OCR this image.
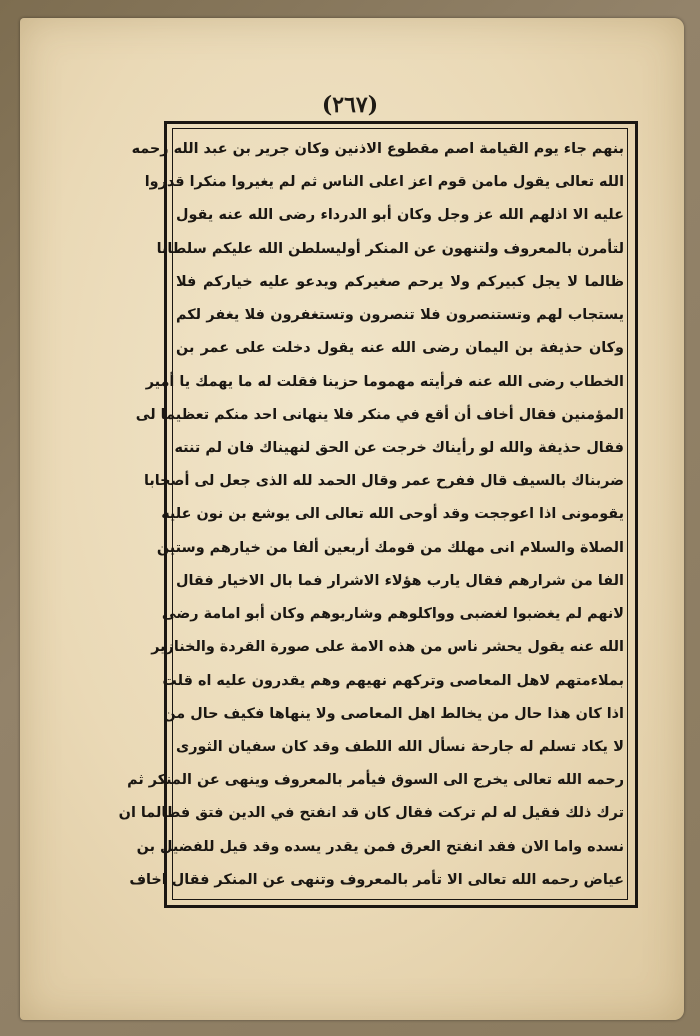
(٢٦٧)
بنهم جاء يوم القيامة اصم مقطوع الاذنين وكان جرير بن عبد الله رحمه
الله تعالى يقول مامن قوم اعز اعلى الناس ثم لم يغيروا منكرا قدروا
عليه الا اذلهم الله عز وجل وكان أبو الدرداء رضى الله عنه يقول
لتأمرن بالمعروف ولتنهون عن المنكر أوليسلطن الله عليكم سلطانا
ظالما لا يجل كبيركم ولا يرحم صغيركم ويدعو عليه خياركم فلا
يستجاب لهم وتستنصرون فلا تنصرون وتستغفرون فلا يغفر لكم
وكان حذيفة بن اليمان رضى الله عنه يقول دخلت على عمر بن
الخطاب رضى الله عنه فرأيته مهموما حزينا فقلت له ما يهمك يا أمير
المؤمنين فقال أخاف أن أقع في منكر فلا ينهانى احد منكم تعظيما لى
فقال حذيفة والله لو رأيناك خرجت عن الحق لنهيناك فان لم تنته
ضربناك بالسيف قال ففرح عمر وقال الحمد لله الذى جعل لى أصحابا
يقومونى اذا اعوججت وقد أوحى الله تعالى الى يوشع بن نون عليه
الصلاة والسلام انى مهلك من قومك أربعين ألفا من خيارهم وستين
الفا من شرارهم فقال يارب هؤلاء الاشرار فما بال الاخيار فقال
لانهم لم يغضبوا لغضبى وواكلوهم وشاربوهم وكان أبو امامة رضى
الله عنه يقول يحشر ناس من هذه الامة على صورة القردة والخنازير
بملاءمتهم لاهل المعاصى وتركهم نهيهم وهم يقدرون عليه اه قلت
اذا كان هذا حال من يخالط اهل المعاصى ولا ينهاها فكيف حال من
لا يكاد تسلم له جارحة نسأل الله اللطف وقد كان سفيان الثورى
رحمه الله تعالى يخرج الى السوق فيأمر بالمعروف وينهى عن المنكر ثم
ترك ذلك فقيل له لم تركت فقال كان قد انفتح في الدين فتق فطالما ان
نسده واما الان فقد انفتح العرق فمن يقدر يسده وقد قيل للفضيل بن
عياض رحمه الله تعالى الا تأمر بالمعروف وتنهى عن المنكر فقال اخاف
